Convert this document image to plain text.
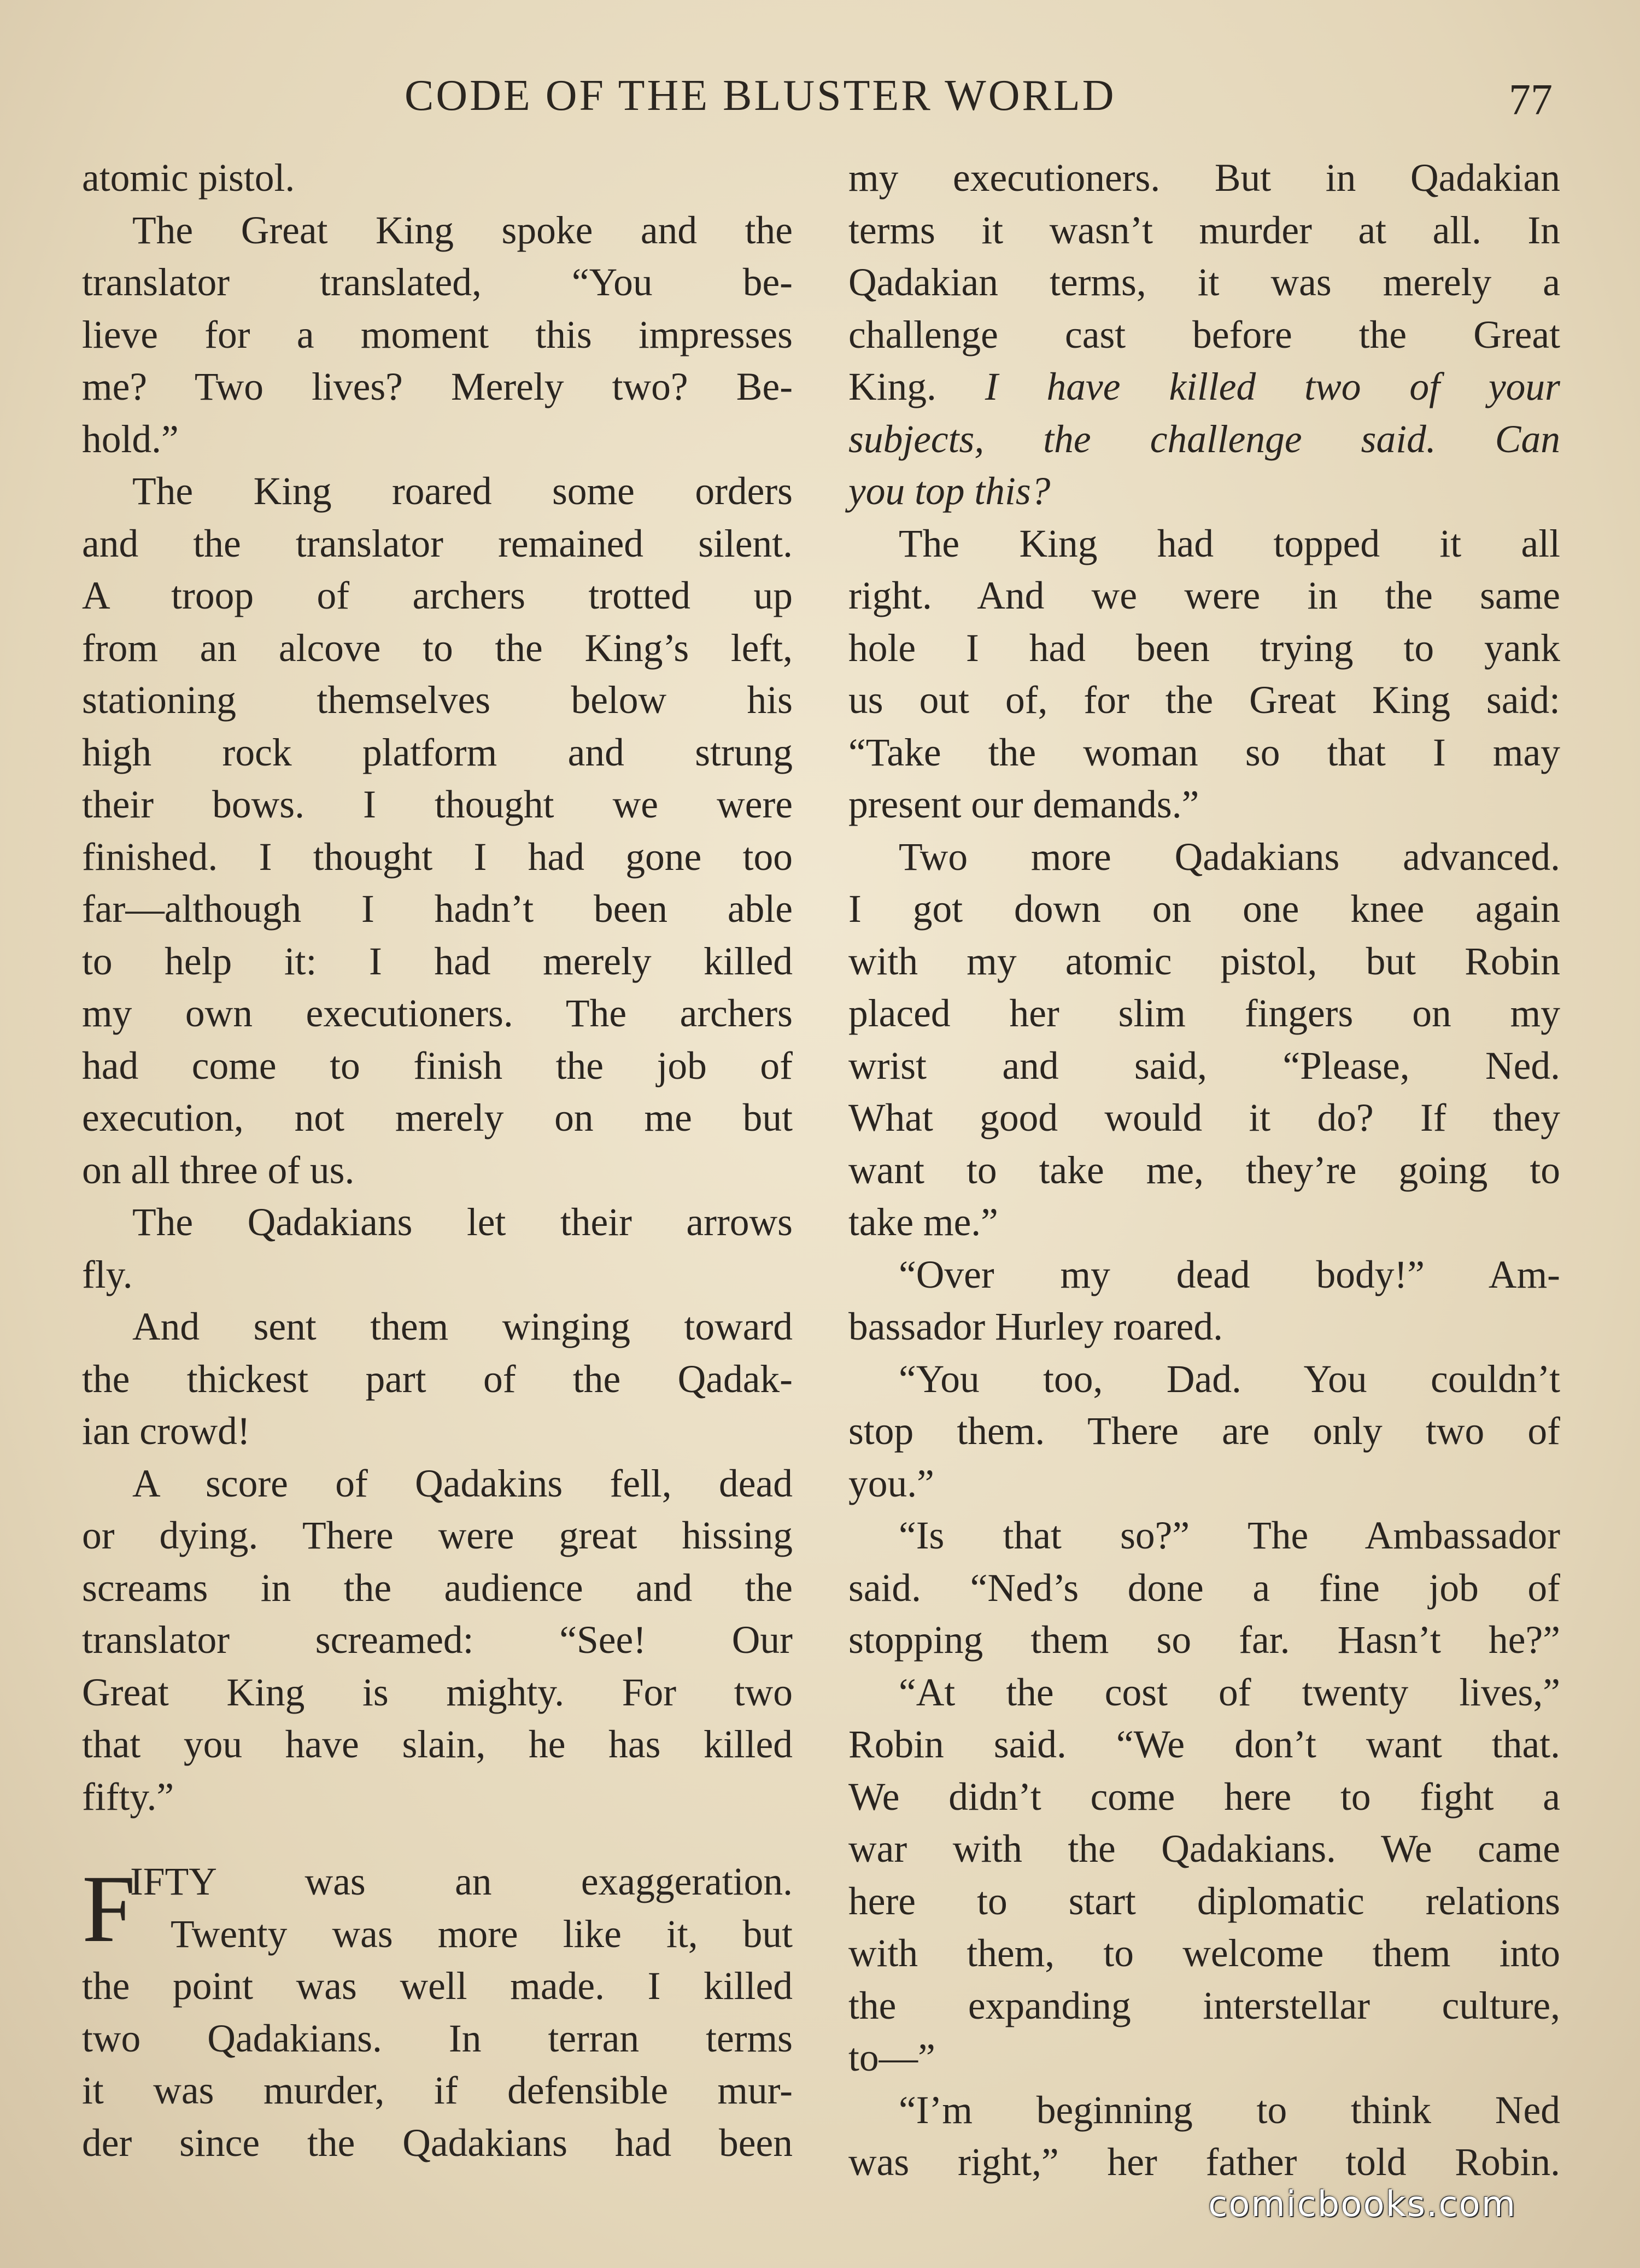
CODE OF THE BLUSTER WORLD	77
atomic pistol.
The Great King spoke and the
translator translated, “You be-
lieve for a moment this impresses
me? Two lives? Merely two? Be-
hold.”
The King roared some orders
and the translator remained silent.
A troop of archers trotted up
from an alcove to the King’s left,
stationing themselves below his
high rock platform and strung
their bows. I thought we were
finished. I thought I had gone too
far—although I hadn’t been able
to help it: I had merely killed
my own executioners. The archers
had come to finish the job of
execution, not merely on me but
on all three of us.
The Qadakians let their arrows
fly.
And sent them winging toward
the thickest part of the Qadak-
ian crowd!
A score of Qadakins fell, dead
or dying. There were great hissing
screams in the audience and the
translator screamed: “See! Our
Great King is mighty. For two
that you have slain, he has killed
fifty.”
F
IFTY was an exaggeration.
Twenty was more like it, but
the point was well made. I killed
two Qadakians. In terran terms
it was murder, if defensible mur-
der since the Qadakians had been
my executioners. But in Qadakian
terms it wasn’t murder at all. In
Qadakian terms, it was merely a
challenge cast before the Great
King. I have killed two of your
subjects, the challenge said. Can
you top this?
The King had topped it all
right. And we were in the same
hole I had been trying to yank
us out of, for the Great King said:
“Take the woman so that I may
present our demands.”
Two more Qadakians advanced.
I got down on one knee again
with my atomic pistol, but Robin
placed her slim fingers on my
wrist and said, “Please, Ned.
What good would it do? If they
want to take me, they’re going to
take me.”
“Over my dead body!” Am-
bassador Hurley roared.
“You too, Dad. You couldn’t
stop them. There are only two of
you.”
“Is that so?” The Ambassador
said. “Ned’s done a fine job of
stopping them so far. Hasn’t he?”
“At the cost of twenty lives,”
Robin said. “We don’t want that.
We didn’t come here to fight a
war with the Qadakians. We came
here to start diplomatic relations
with them, to welcome them into
the expanding interstellar culture,
to—”
“I’m beginning to think Ned
was right,” her father told Robin.
comicbooks.com
